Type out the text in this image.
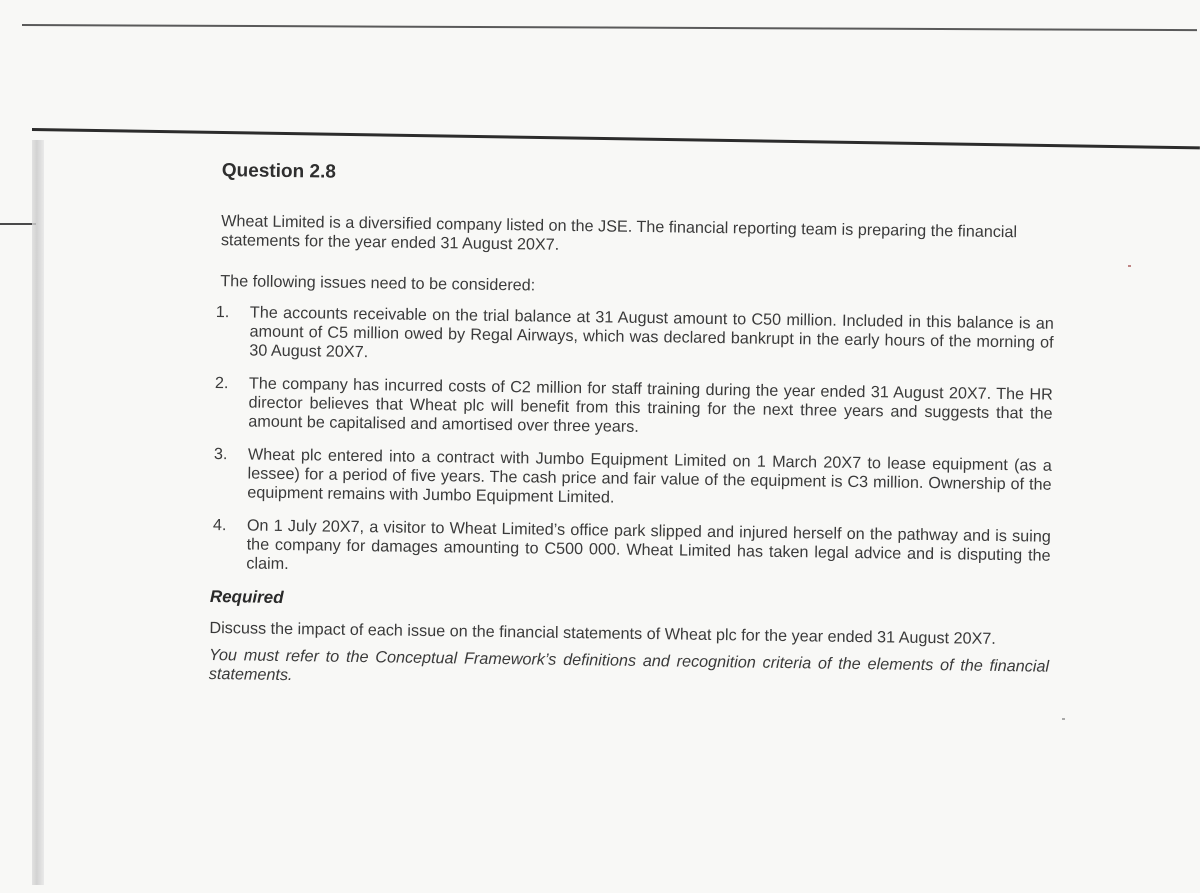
Question 2.8

Wheat Limited is a diversified company listed on the JSE. The financial reporting team is preparing the financial statements for the year ended 31 August 20X7.

The following issues need to be considered:

1.	The accounts receivable on the trial balance at 31 August amount to C50 million. Included in this balance is an amount of C5 million owed by Regal Airways, which was declared bankrupt in the early hours of the morning of 30 August 20X7.

2.	The company has incurred costs of C2 million for staff training during the year ended 31 August 20X7. The HR director believes that Wheat plc will benefit from this training for the next three years and suggests that the amount be capitalised and amortised over three years.

3.	Wheat plc entered into a contract with Jumbo Equipment Limited on 1 March 20X7 to lease equipment (as a lessee) for a period of five years. The cash price and fair value of the equipment is C3 million. Ownership of the equipment remains with Jumbo Equipment Limited.

4.	On 1 July 20X7, a visitor to Wheat Limited’s office park slipped and injured herself on the pathway and is suing the company for damages amounting to C500 000. Wheat Limited has taken legal advice and is disputing the claim.

Required

Discuss the impact of each issue on the financial statements of Wheat plc for the year ended 31 August 20X7.

You must refer to the Conceptual Framework’s definitions and recognition criteria of the elements of the financial statements.
